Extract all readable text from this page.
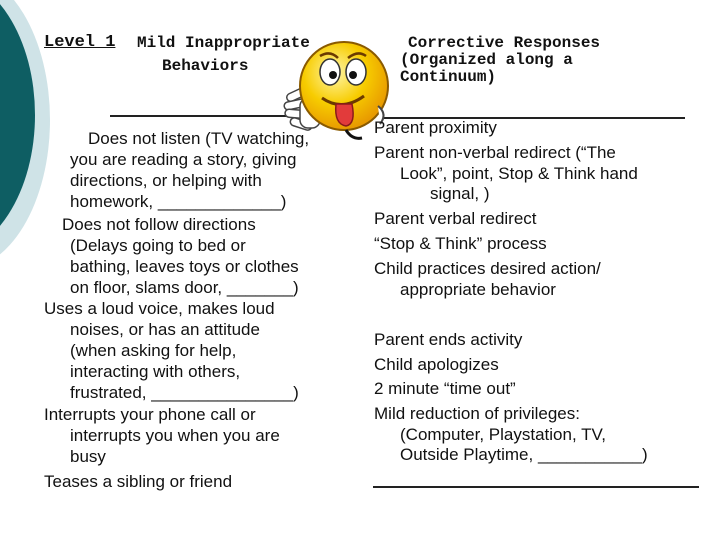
Level 1 Mild Inappropriate
Behaviors
Corrective Responses
(Organized along a
Continuum)
Does not listen (TV watching,
you are reading a story, giving
directions, or helping with
homework, _____________)
Does not follow directions
(Delays going to bed or
bathing, leaves toys or clothes
on floor, slams door, _______)
Uses a loud voice, makes loud
noises, or has an attitude
(when asking for help,
interacting with others,
frustrated, _______________)
Interrupts your phone call or
interrupts you when you are
busy
Teases a sibling or friend
Parent proximity
Parent non-verbal redirect (“The
Look”, point, Stop & Think hand
signal, )
Parent verbal redirect
“Stop & Think” process
Child practices desired action/
appropriate behavior
Parent ends activity
Child apologizes
2 minute “time out”
Mild reduction of privileges:
(Computer, Playstation, TV,
Outside Playtime, ___________)
